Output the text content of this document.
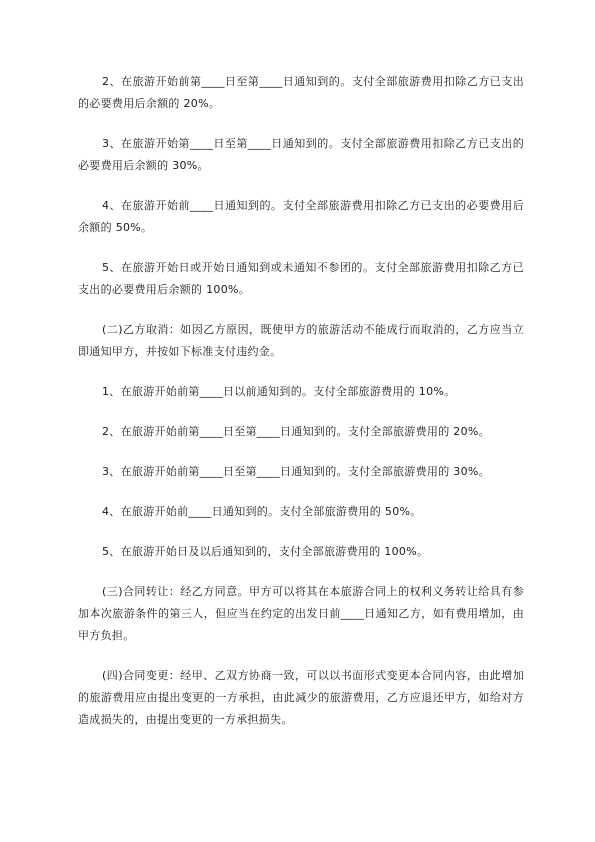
2、在旅游开始前第____日至第____日通知到的。支付全部旅游费用扣除乙方已支出的必要费用后余额的 20%。

3、在旅游开始第____日至第____日通知到的。支付全部旅游费用扣除乙方已支出的必要费用后余额的 30%。

4、在旅游开始前____日通知到的。支付全部旅游费用扣除乙方已支出的必要费用后余额的 50%。

5、在旅游开始日或开始日通知到或未通知不参团的。支付全部旅游费用扣除乙方已支出的必要费用后余额的 100%。

(二)乙方取消：如因乙方原因，既使甲方的旅游活动不能成行而取消的，乙方应当立即通知甲方，并按如下标准支付违约金。

1、在旅游开始前第____日以前通知到的。支付全部旅游费用的 10%。

2、在旅游开始前第____日至第____日通知到的。支付全部旅游费用的 20%。

3、在旅游开始前第____日至第____日通知到的。支付全部旅游费用的 30%。

4、在旅游开始前____日通知到的。支付全部旅游费用的 50%。

5、在旅游开始日及以后通知到的，支付全部旅游费用的 100%。

(三)合同转让：经乙方同意。甲方可以将其在本旅游合同上的权利义务转让给具有参加本次旅游条件的第三人，但应当在约定的出发日前____日通知乙方，如有费用增加，由甲方负担。

(四)合同变更：经甲、乙双方协商一致，可以以书面形式变更本合同内容，由此增加的旅游费用应由提出变更的一方承担，由此减少的旅游费用，乙方应退还甲方，如给对方造成损失的，由提出变更的一方承担损失。
